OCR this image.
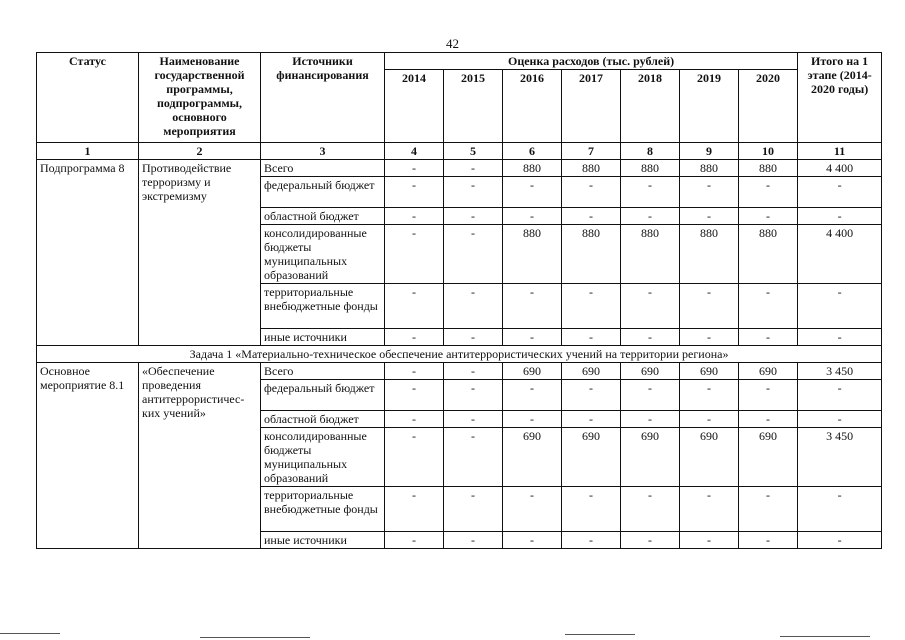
42
Статус	Наименование государственной программы, подпрограммы, основного мероприятия	Источники финансирования	Оценка расходов (тыс. рублей)							Итого на 1 этапе (2014-2020 годы)
			2014	2015	2016	2017	2018	2019	2020	
1	2	3	4	5	6	7	8	9	10	11
Подпрограмма 8	Противодействие терроризму и экстремизму	Всего	-	-	880	880	880	880	880	4 400
		федеральный бюджет	-	-	-	-	-	-	-	-
		областной бюджет	-	-	-	-	-	-	-	-
		консолидированные бюджеты муниципальных образований	-	-	880	880	880	880	880	4 400
		территориальные внебюджетные фонды	-	-	-	-	-	-	-	-
		иные источники	-	-	-	-	-	-	-	-
Задача 1 «Материально-техническое обеспечение антитеррористических учений на территории региона»										
Основное мероприятие 8.1	«Обеспечение проведения антитеррористичес-ких учений»	Всего	-	-	690	690	690	690	690	3 450
		федеральный бюджет	-	-	-	-	-	-	-	-
		областной бюджет	-	-	-	-	-	-	-	-
		консолидированные бюджеты муниципальных образований	-	-	690	690	690	690	690	3 450
		территориальные внебюджетные фонды	-	-	-	-	-	-	-	-
		иные источники	-	-	-	-	-	-	-	-
